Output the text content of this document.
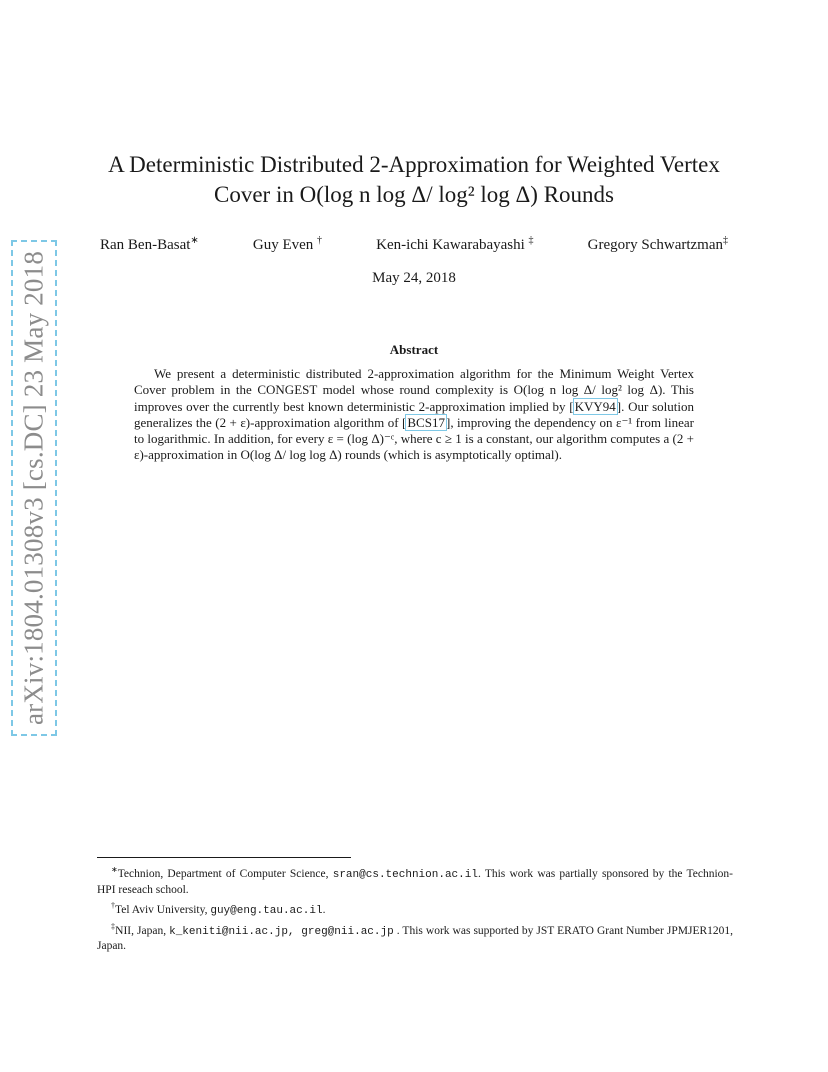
arXiv:1804.01308v3 [cs.DC] 23 May 2018
A Deterministic Distributed 2-Approximation for Weighted Vertex
Cover in O(log n log Δ/ log² log Δ) Rounds
Ran Ben-Basat∗	Guy Even †	Ken-ichi Kawarabayashi ‡	Gregory Schwartzman‡
May 24, 2018
Abstract
We present a deterministic distributed 2-approximation algorithm for the Minimum Weight Vertex Cover problem in the CONGEST model whose round complexity is O(log n log Δ/ log² log Δ). This improves over the currently best known deterministic 2-approximation implied by [KVY94]. Our solution generalizes the (2 + ε)-approximation algorithm of [BCS17], improving the dependency on ε⁻¹ from linear to logarithmic. In addition, for every ε = (log Δ)⁻ᶜ, where c ≥ 1 is a constant, our algorithm computes a (2 + ε)-approximation in O(log Δ/ log log Δ) rounds (which is asymptotically optimal).

∗Technion, Department of Computer Science, sran@cs.technion.ac.il. This work was partially sponsored by the Technion-HPI reseach school.

†Tel Aviv University, guy@eng.tau.ac.il.

‡NII, Japan, k_keniti@nii.ac.jp, greg@nii.ac.jp . This work was supported by JST ERATO Grant Number JPMJER1201, Japan.
